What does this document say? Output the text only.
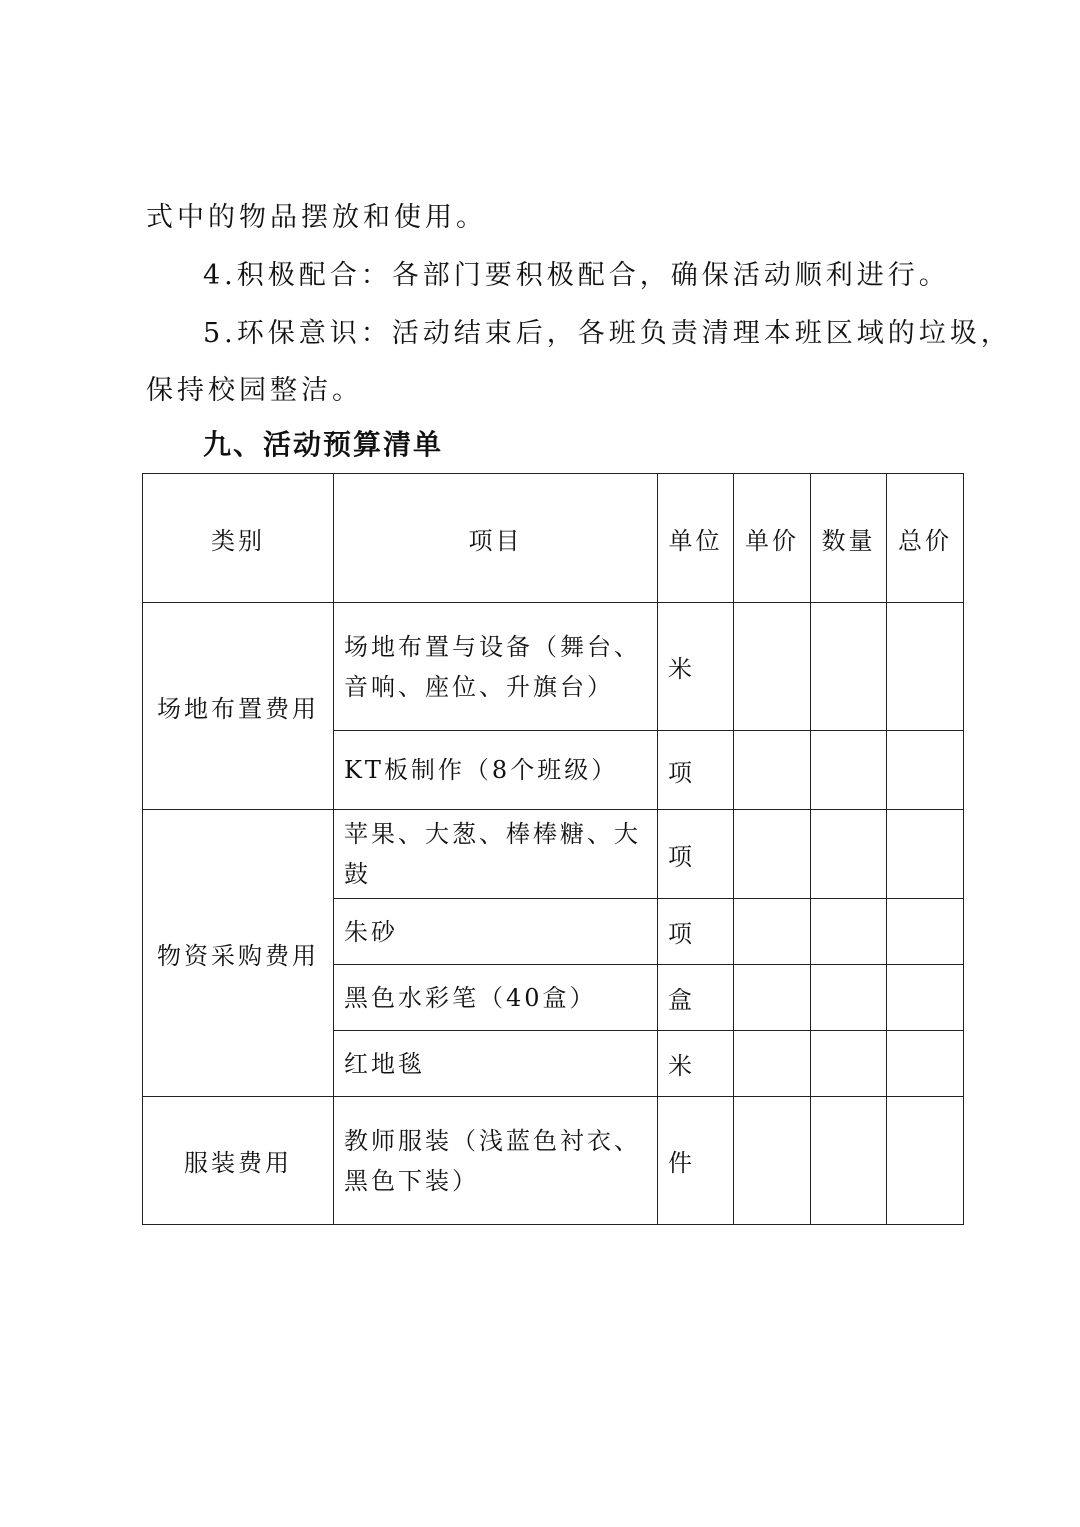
式中的物品摆放和使用。
4.积极配合：各部门要积极配合，确保活动顺利进行。
5.环保意识：活动结束后，各班负责清理本班区域的垃圾，
保持校园整洁。
九、活动预算清单
类别	项目	单位	单价	数量	总价
场地布置费用	场地布置与设备（舞台、音响、座位、升旗台）	米			
	KT板制作（8个班级）	项			
物资采购费用	苹果、大葱、棒棒糖、大鼓	项			
	朱砂	项			
	黑色水彩笔（40盒）	盒			
	红地毯	米			
服装费用	教师服装（浅蓝色衬衣、黑色下装）	件			
